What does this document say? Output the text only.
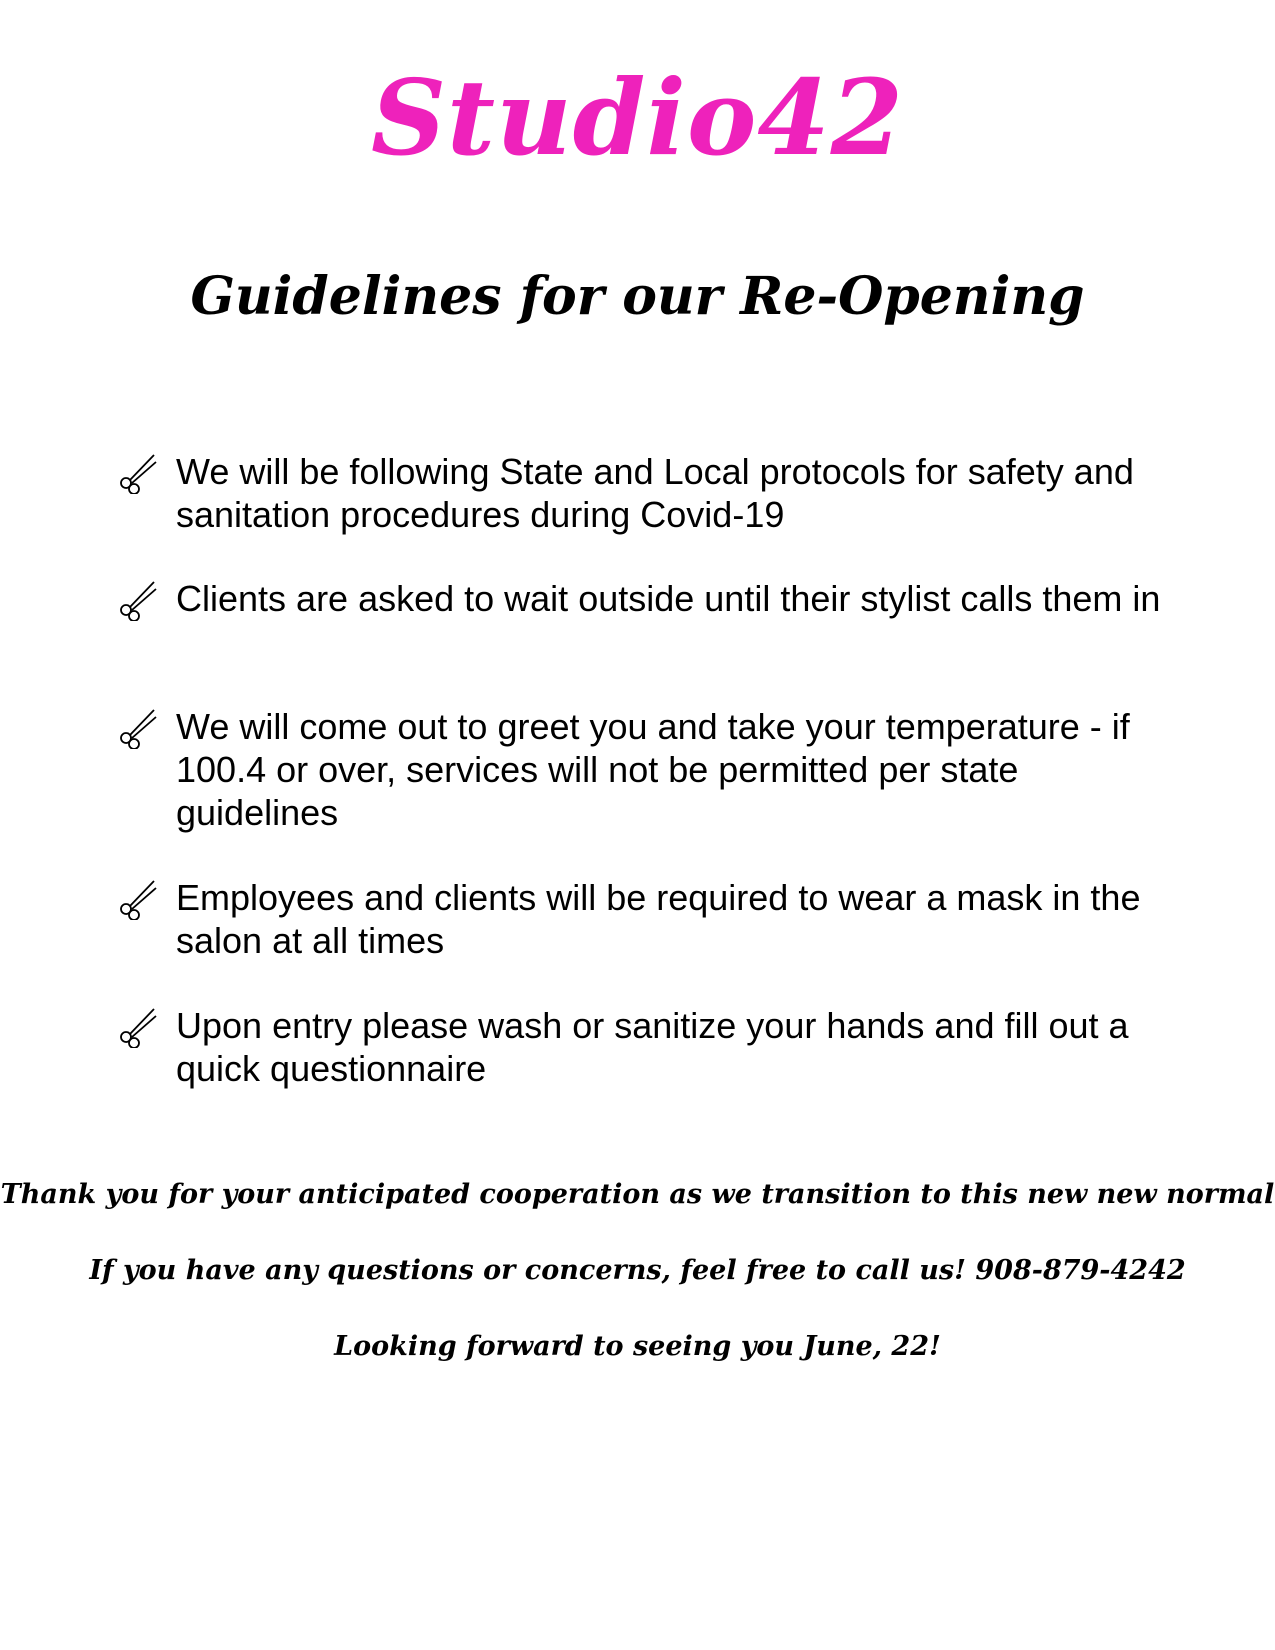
Studio42
Guidelines for our Re-Opening
We will be following State and Local protocols for safety and sanitation procedures during Covid-19
Clients are asked to wait outside until their stylist calls them in
We will come out to greet you and take your temperature - if 100.4 or over, services will not be permitted per state guidelines
Employees and clients will be required to wear a mask in the salon at all times
Upon entry please wash or sanitize your hands and fill out a quick questionnaire
Thank you for your anticipated cooperation as we transition to this new new normal
If you have any questions or concerns, feel free to call us! 908-879-4242
Looking forward to seeing you June, 22!
